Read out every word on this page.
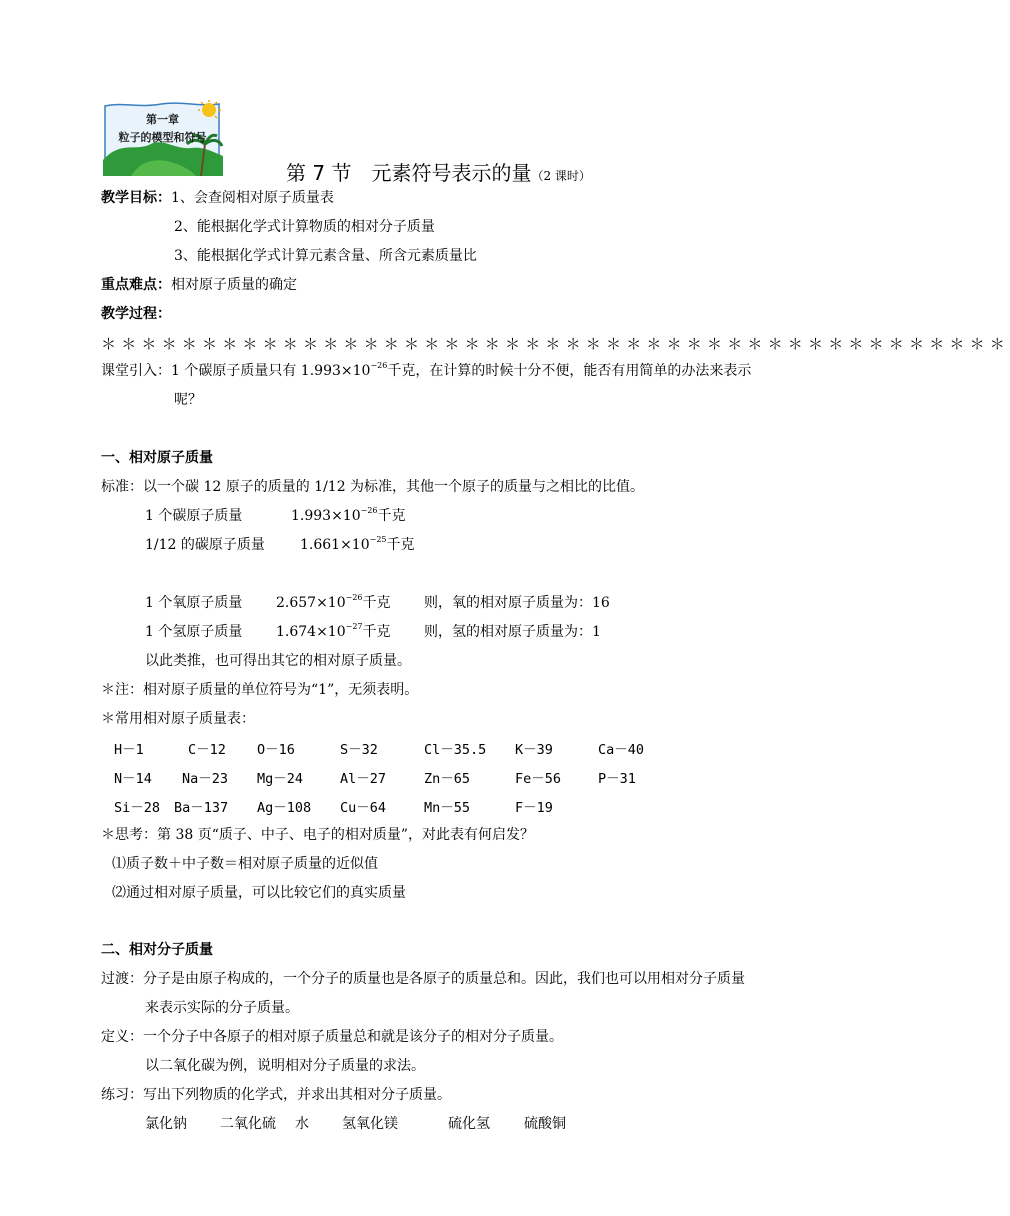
第一章
粒子的模型和符号
第 7 节　元素符号表示的量（2 课时）
教学目标：1、会查阅相对原子质量表
2、能根据化学式计算物质的相对分子质量
3、能根据化学式计算元素含量、所含元素质量比
重点难点：相对原子质量的确定
教学过程：
＊＊＊＊＊＊＊＊＊＊＊＊＊＊＊＊＊＊＊＊＊＊＊＊＊＊＊＊＊＊＊＊＊＊＊＊＊＊＊＊＊＊＊＊＊
课堂引入：1 个碳原子质量只有 $1.993\times 10^{-26}$千克，在计算的时候十分不便，能否有用简单的办法来表示
呢？
一、相对原子质量
标准：以一个碳 12 原子的质量的 1/12 为标准，其他一个原子的质量与之相比的比值。
1 个碳原子质量	$1.993\times 10^{-26}$千克
1/12 的碳原子质量	$1.661\times 10^{-25}$千克
1 个氧原子质量 $2.657\times 10^{-26}$千克 则，氧的相对原子质量为：16
1 个氢原子质量 $1.674\times 10^{-27}$千克 则，氢的相对原子质量为：1
以此类推，也可得出其它的相对原子质量。
＊注：相对原子质量的单位符号为“1”，无须表明。
＊常用相对原子质量表：
H－1	C－12 O－16	S－32	Cl－35.5 K－39	Ca－40
N－14 Na－23 Mg－24	Al－27	Zn－65	Fe－56	P－31
Si－28 Ba－137 Ag－108 Cu－64	Mn－55	F－19
＊思考：第 38 页“质子、中子、电子的相对质量”，对此表有何启发？
⑴质子数＋中子数＝相对原子质量的近似值
⑵通过相对原子质量，可以比较它们的真实质量
二、相对分子质量
过渡：分子是由原子构成的，一个分子的质量也是各原子的质量总和。因此，我们也可以用相对分子质量
来表示实际的分子质量。
定义：一个分子中各原子的相对原子质量总和就是该分子的相对分子质量。
以二氧化碳为例，说明相对分子质量的求法。
练习：写出下列物质的化学式，并求出其相对分子质量。
氯化钠 二氧化硫 水 氢氧化镁	硫化氢 硫酸铜
